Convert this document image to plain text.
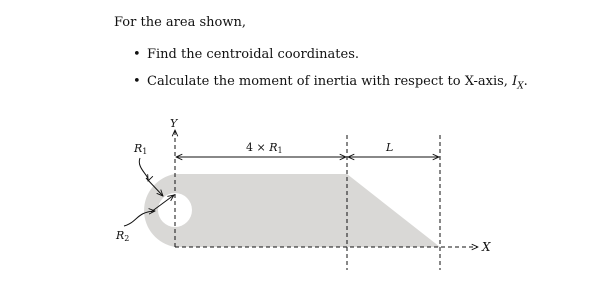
For the area shown,

• Find the centroidal coordinates.
• Calculate the moment of inertia with respect to X-axis, $I_X$.
Y
X
4 × R1	L
R1
R2
